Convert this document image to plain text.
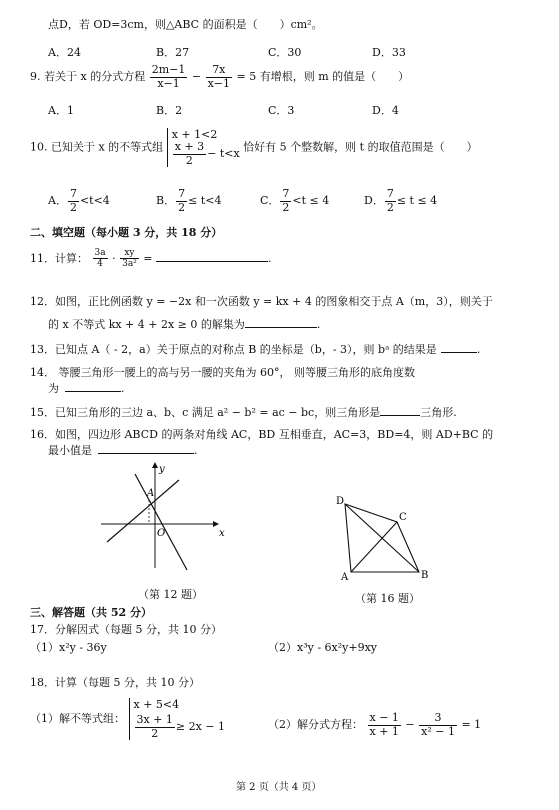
点D，若 OD=3cm，则△ABC 的面积是（　　）cm²。
A．24	B．27	C．30	D．33
9. 若关于 x 的分式方程 $\frac{2m-1}{x-1} - \frac{7x}{x-1} = 5$ 有增根，则 m 的值是（　　）
A．1	B．2	C．3	D．4
10. 已知关于 x 的不等式组
x + 1<2
$\frac{x + 3}{2} - t<x$
恰好有 5 个整数解，则 t 的取值范围是（　　）
A． $\frac{7}{2} <t<4$	B． $\frac{7}{2} \le t<4$	C． $\frac{7}{2} <t \le 4$	D． $\frac{7}{2} \le t \le 4$
二、填空题（每小题 3 分，共 18 分）
11．计算： $\frac{3a}{4} \cdot \frac{xy}{\text{3a²}}$ =	.
12．如图，正比例函数 y = −2x 和一次函数 y = kx + 4 的图象相交于点 A（m，3），则关于
的 x 不等式 kx + 4 + 2x ≥ 0 的解集为	.
13．已知点 A（ - 2，a）关于原点的对称点 B 的坐标是（b，- 3），则 bᵃ 的结果是	.
14． 等腰三角形一腰上的高与另一腰的夹角为 60°， 则等腰三角形的底角度数
为	.
15．已知三角形的三边 a、b、c 满足 a² − b² = ac − bc，则三角形是	三角形.
16．如图，四边形 ABCD 的两条对角线 AC，BD 互相垂直，AC=3，BD=4，则 AD+BC 的
最小值是	.
x
y
O
A
（第 12 题）
D
C
A	B
（第 16 题）
三、解答题（共 52 分）
17．分解因式（每题 5 分，共 10 分）
（1）x²y - 36y	（2）x³y - 6x²y+9xy
18．计算（每题 5 分，共 10 分）
（1）解不等式组：
x + 5<4
$\frac{3x + 1}{2} \ge 2x - 1$	（2）解分式方程： $\frac{x - 1}{x + 1} - \frac{3}{\text{x² − 1}} = 1$
第 2 页（共 4 页）
